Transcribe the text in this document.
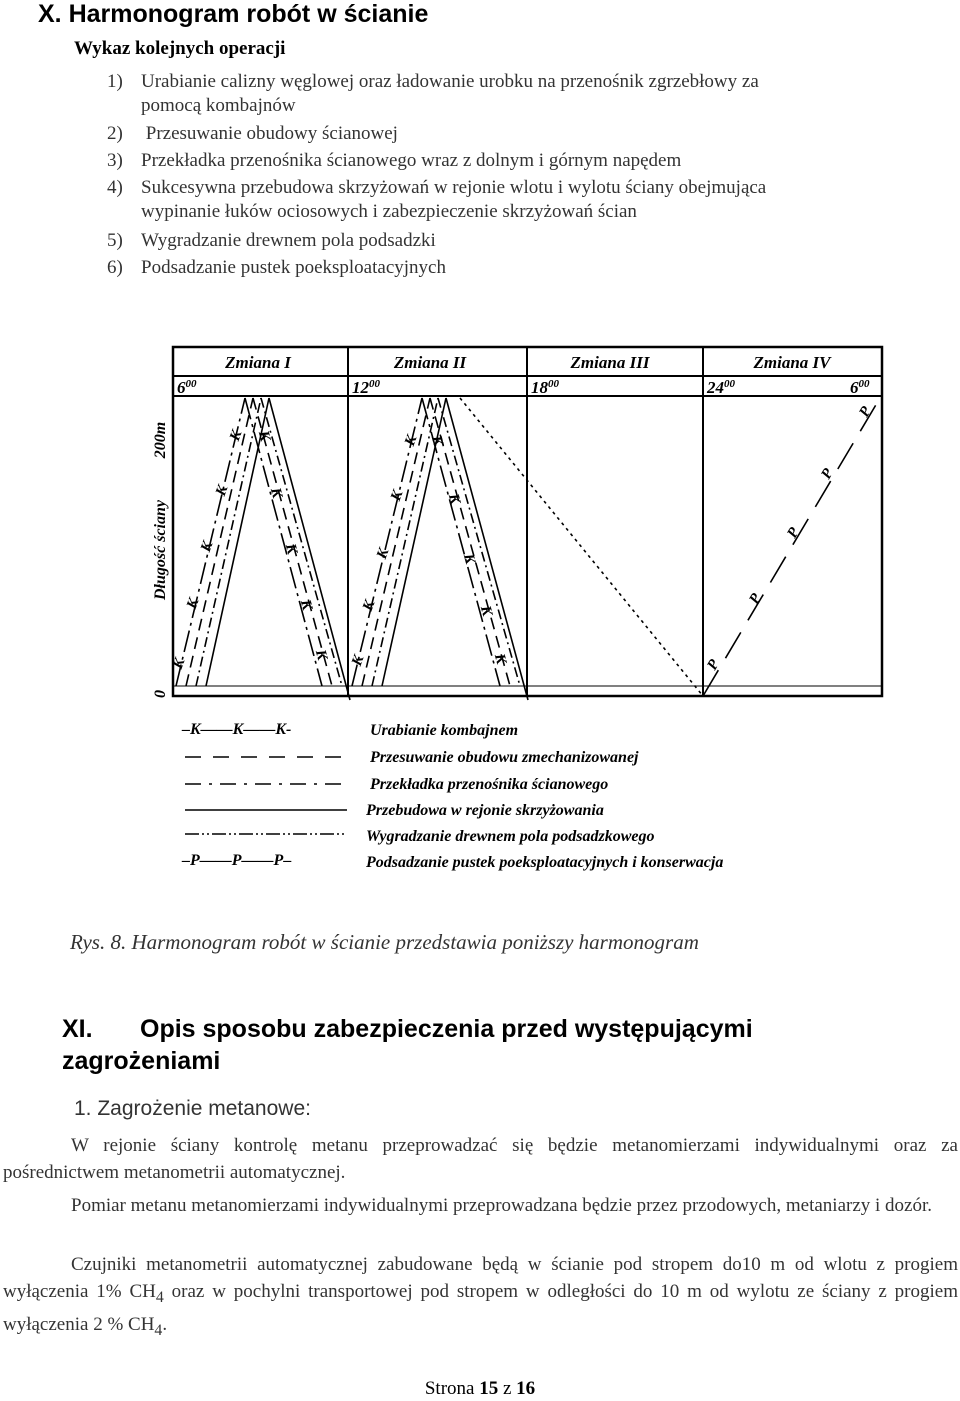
X. Harmonogram robót w ścianie
Wykaz kolejnych operacji
1) Urabianie calizny węglowej oraz ładowanie urobku na przenośnik zgrzebłowy za
pomocą kombajnów
2) Przesuwanie obudowy ścianowej
3) Przekładka przenośnika ścianowego wraz z dolnym i górnym napędem
4) Sukcesywna przebudowa skrzyżowań w rejonie wlotu i wylotu ściany obejmująca
wypinanie łuków ociosowych i zabezpieczenie skrzyżowań ścian
5) Wygradzanie drewnem pola podsadzki
6) Podsadzanie pustek poeksploatacyjnych
Zmiana I	Zmiana II	Zmiana III	Zmiana IV
$6^{00}$	$12^{00}$	$18^{00}$	$24^{00}$	$6^{00}$
200m
Długość ściany
0
K
K
K
K
K K
K
K
K
K K
K
K
K
K K
K
K
K
K	P
P
P
P
P
–K——K——K-
–P——P——P–
Urabianie kombajnem
Przesuwanie obudowu zmechanizowanej
Przekładka przenośnika ścianowego
Przebudowa w rejonie skrzyżowania
Wygradzanie drewnem pola podsadzkowego
Podsadzanie pustek poeksploatacyjnych i konserwacja
Rys. 8. Harmonogram robót w ścianie przedstawia poniższy harmonogram
XI. Opis sposobu zabezpieczenia przed występującymi
zagrożeniami
1. Zagrożenie metanowe:
W rejonie ściany kontrolę metanu przeprowadzać się będzie metanomierzami indywidualnymi oraz za pośrednictwem metanometrii automatycznej.
Pomiar metanu metanomierzami indywidualnymi przeprowadzana będzie przez przodowych, metaniarzy i dozór.
Czujniki metanometrii automatycznej zabudowane będą w ścianie pod stropem do10 m od wlotu z progiem wyłączenia 1% $CH_4$ oraz w pochylni transportowej pod stropem w odległości do 10 m od wylotu ze ściany z progiem wyłączenia 2 % $CH_4$.
Strona 15 z 16
